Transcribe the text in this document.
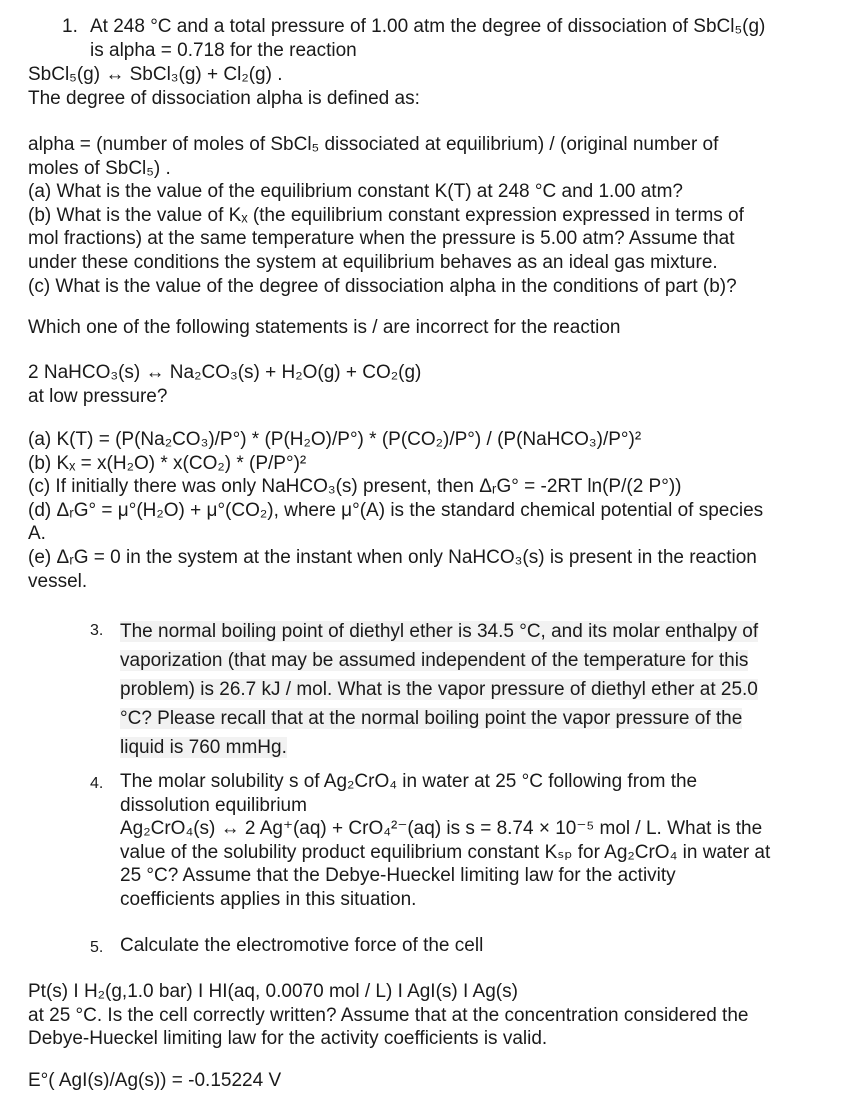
1. At 248 °C and a total pressure of 1.00 atm the degree of dissociation of SbCl₅(g)
is alpha = 0.718 for the reaction
SbCl₅(g) ↔ SbCl₃(g) + Cl₂(g) .
The degree of dissociation alpha is defined as:
alpha = (number of moles of SbCl₅ dissociated at equilibrium) / (original number of
moles of SbCl₅) .
(a) What is the value of the equilibrium constant K(T) at 248 °C and 1.00 atm?
(b) What is the value of Kₓ (the equilibrium constant expression expressed in terms of
mol fractions) at the same temperature when the pressure is 5.00 atm? Assume that
under these conditions the system at equilibrium behaves as an ideal gas mixture.
(c) What is the value of the degree of dissociation alpha in the conditions of part (b)?
Which one of the following statements is / are incorrect for the reaction
2 NaHCO₃(s) ↔ Na₂CO₃(s) + H₂O(g) + CO₂(g)
at low pressure?
(a) K(T) = (P(Na₂CO₃)/P°) * (P(H₂O)/P°) * (P(CO₂)/P°) / (P(NaHCO₃)/P°)²
(b) Kₓ = x(H₂O) * x(CO₂) * (P/P°)²
(c) If initially there was only NaHCO₃(s) present, then ΔᵣG° = -2RT ln(P/(2 P°))
(d) ΔᵣG° = μ°(H₂O) + μ°(CO₂), where μ°(A) is the standard chemical potential of species
A.
(e) ΔᵣG = 0 in the system at the instant when only NaHCO₃(s) is present in the reaction
vessel.
3. The normal boiling point of diethyl ether is 34.5 °C, and its molar enthalpy of
vaporization (that may be assumed independent of the temperature for this
problem) is 26.7 kJ / mol. What is the vapor pressure of diethyl ether at 25.0
°C? Please recall that at the normal boiling point the vapor pressure of the
liquid is 760 mmHg.
4. The molar solubility s of Ag₂CrO₄ in water at 25 °C following from the
dissolution equilibrium
Ag₂CrO₄(s) ↔ 2 Ag⁺(aq) + CrO₄²⁻(aq) is s = 8.74 × 10⁻⁵ mol / L. What is the
value of the solubility product equilibrium constant Kₛₚ for Ag₂CrO₄ in water at
25 °C? Assume that the Debye-Hueckel limiting law for the activity
coefficients applies in this situation.
5. Calculate the electromotive force of the cell
Pt(s) I H₂(g,1.0 bar) I HI(aq, 0.0070 mol / L) I AgI(s) I Ag(s)
at 25 °C. Is the cell correctly written? Assume that at the concentration considered the
Debye-Hueckel limiting law for the activity coefficients is valid.
E°( AgI(s)/Ag(s)) = -0.15224 V
